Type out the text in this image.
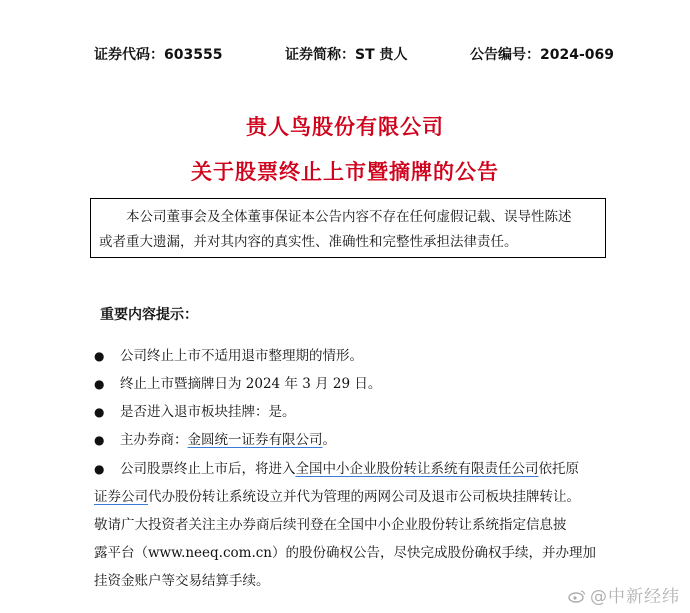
证券代码：603555	证券简称：ST 贵人	公告编号：2024-069
贵人鸟股份有限公司
关于股票终止上市暨摘牌的公告
本公司董事会及全体董事保证本公告内容不存在任何虚假记载、误导性陈述
或者重大遗漏，并对其内容的真实性、准确性和完整性承担法律责任。
重要内容提示：
● 公司终止上市不适用退市整理期的情形。
● 终止上市暨摘牌日为 2024 年 3 月 29 日。
● 是否进入退市板块挂牌：是。
● 主办券商：金圆统一证券有限公司。
● 公司股票终止上市后，将进入全国中小企业股份转让系统有限责任公司依托原
证券公司代办股份转让系统设立并代为管理的两网公司及退市公司板块挂牌转让。
敬请广大投资者关注主办券商后续刊登在全国中小企业股份转让系统指定信息披
露平台（www.neeq.com.cn）的股份确权公告，尽快完成股份确权手续，并办理加
挂资金账户等交易结算手续。
@中新经纬
